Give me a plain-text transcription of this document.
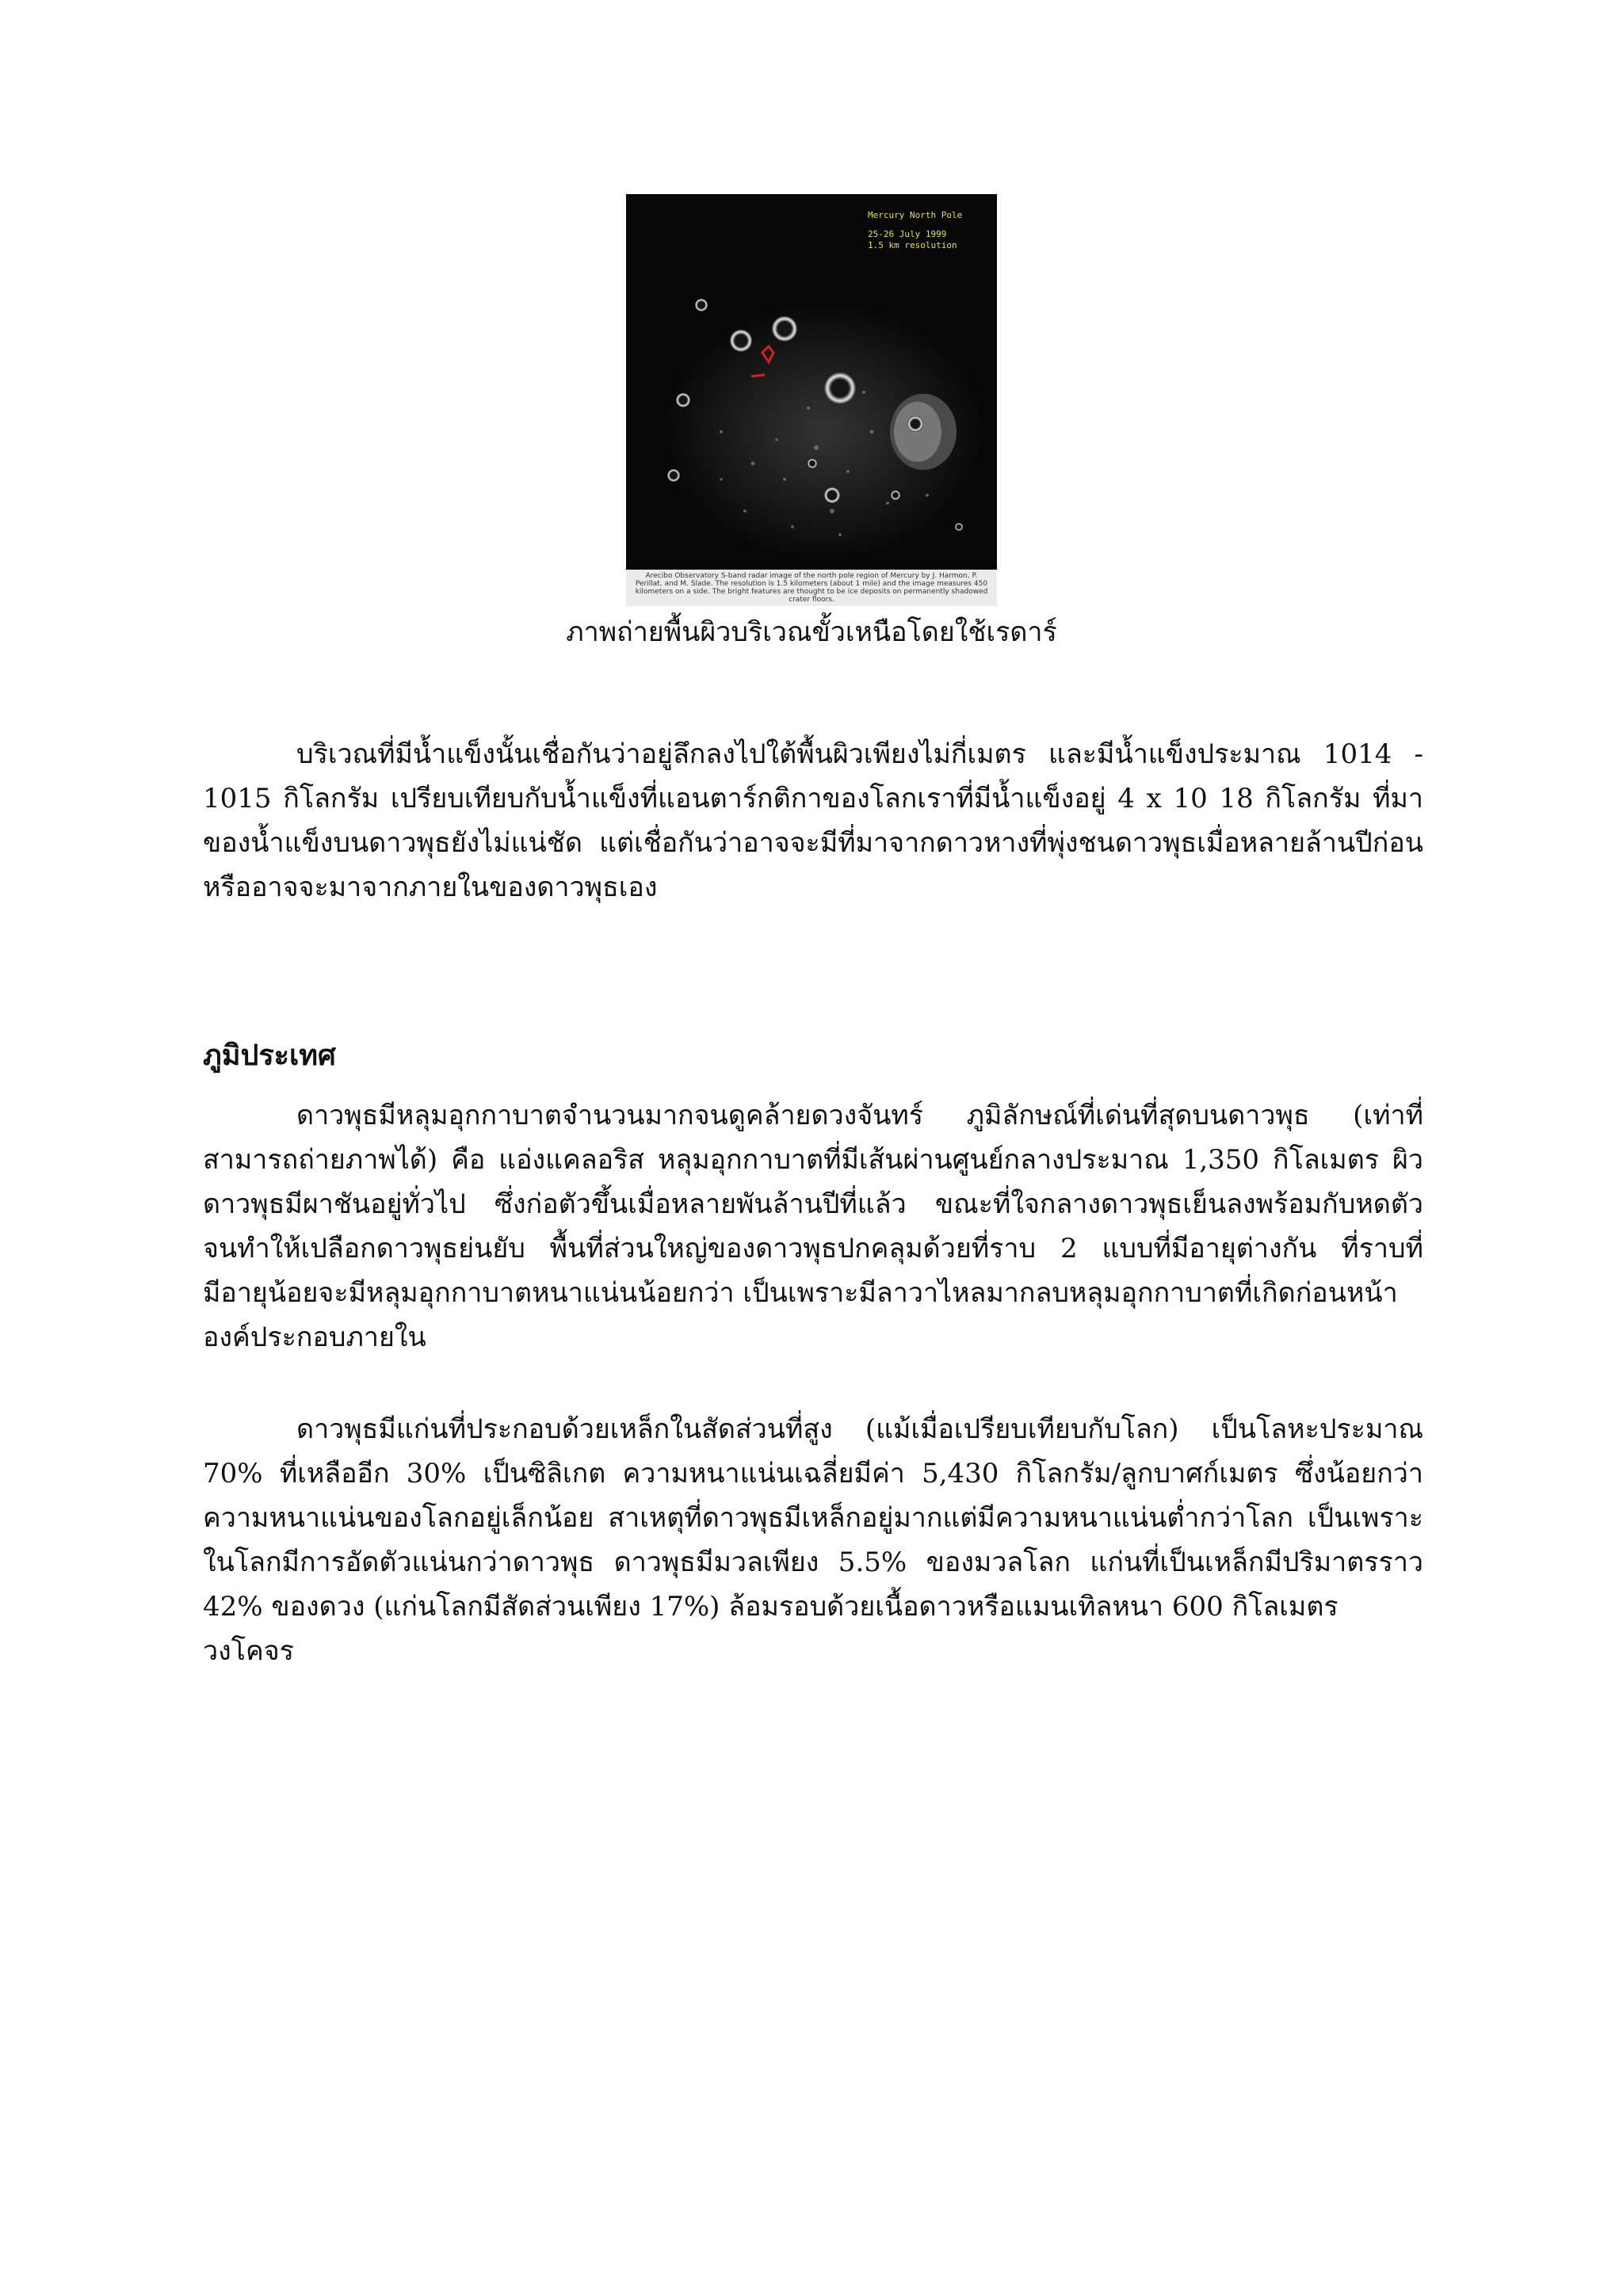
Mercury North Pole
25-26 July 1999
1.5 km resolution
Arecibo Observatory S-band radar image of the north pole region of Mercury by J. Harmon, P. Perillat, and M. Slade. The resolution is 1.5 kilometers (about 1 mile) and the image measures 450 kilometers on a side. The bright features are thought to be ice deposits on permanently shadowed crater floors.
ภาพถ่ายพื้นผิวบริเวณขั้วเหนือโดยใช้เรดาร์

บริเวณที่มีน้ำแข็งนั้นเชื่อกันว่าอยู่ลึกลงไปใต้พื้นผิวเพียงไม่กี่เมตร และมีน้ำแข็งประมาณ 1014 - 1015 กิโลกรัม เปรียบเทียบกับน้ำแข็งที่แอนตาร์กติกาของโลกเราที่มีน้ำแข็งอยู่ 4 x 10 18 กิโลกรัม ที่มาของน้ำแข็งบนดาวพุธยังไม่แน่ชัด แต่เชื่อกันว่าอาจจะมีที่มาจากดาวหางที่พุ่งชนดาวพุธเมื่อหลายล้านปีก่อน หรืออาจจะมาจากภายในของดาวพุธเอง

ภูมิประเทศ

ดาวพุธมีหลุมอุกกาบาตจำนวนมากจนดูคล้ายดวงจันทร์ ภูมิลักษณ์ที่เด่นที่สุดบนดาวพุธ (เท่าที่สามารถถ่ายภาพได้) คือ แอ่งแคลอริส หลุมอุกกาบาตที่มีเส้นผ่านศูนย์กลางประมาณ 1,350 กิโลเมตร ผิวดาวพุธมีผาชันอยู่ทั่วไป ซึ่งก่อตัวขึ้นเมื่อหลายพันล้านปีที่แล้ว ขณะที่ใจกลางดาวพุธเย็นลงพร้อมกับหดตัว จนทำให้เปลือกดาวพุธย่นยับ พื้นที่ส่วนใหญ่ของดาวพุธปกคลุมด้วยที่ราบ 2 แบบที่มีอายุต่างกัน ที่ราบที่มีอายุน้อยจะมีหลุมอุกกาบาตหนาแน่นน้อยกว่า เป็นเพราะมีลาวาไหลมากลบหลุมอุกกาบาตที่เกิดก่อนหน้า

องค์ประกอบภายใน

ดาวพุธมีแก่นที่ประกอบด้วยเหล็กในสัดส่วนที่สูง (แม้เมื่อเปรียบเทียบกับโลก) เป็นโลหะประมาณ 70% ที่เหลืออีก 30% เป็นซิลิเกต ความหนาแน่นเฉลี่ยมีค่า 5,430 กิโลกรัม/ลูกบาศก์เมตร ซึ่งน้อยกว่าความหนาแน่นของโลกอยู่เล็กน้อย สาเหตุที่ดาวพุธมีเหล็กอยู่มากแต่มีความหนาแน่นต่ำกว่าโลก เป็นเพราะในโลกมีการอัดตัวแน่นกว่าดาวพุธ ดาวพุธมีมวลเพียง 5.5% ของมวลโลก แก่นที่เป็นเหล็กมีปริมาตรราว 42% ของดวง (แก่นโลกมีสัดส่วนเพียง 17%) ล้อมรอบด้วยเนื้อดาวหรือแมนเทิลหนา 600 กิโลเมตร

วงโคจร
